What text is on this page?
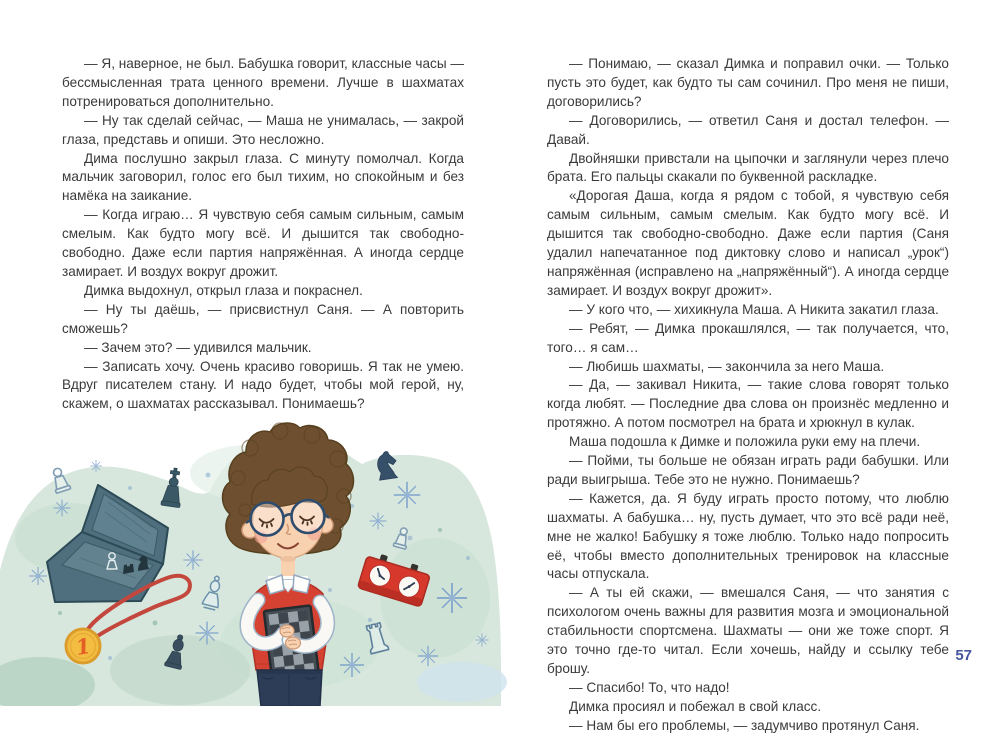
— Я, наверное, не был. Бабушка говорит, классные часы — бессмысленная трата ценного времени. Лучше в шахматах потренироваться дополнительно.

— Ну так сделай сейчас, — Маша не унималась, — закрой глаза, представь и опиши. Это несложно.

Дима послушно закрыл глаза. С минуту помолчал. Когда мальчик заговорил, голос его был тихим, но спокойным и без намёка на заикание.

— Когда играю… Я чувствую себя самым сильным, самым смелым. Как будто могу всё. И дышится так свободно-свободно. Даже если партия напряжённая. А иногда сердце замирает. И воздух вокруг дрожит.

Димка выдохнул, открыл глаза и покраснел.

— Ну ты даёшь, — присвистнул Саня. — А повторить сможешь?

— Зачем это? — удивился мальчик.

— Записать хочу. Очень красиво говоришь. Я так не умею. Вдруг писателем стану. И надо будет, чтобы мой герой, ну, скажем, о шахматах рассказывал. Понимаешь?

— Понимаю, — сказал Димка и поправил очки. — Только пусть это будет, как будто ты сам сочинил. Про меня не пиши, договорились?

— Договорились, — ответил Саня и достал телефон. — Давай.

Двойняшки привстали на цыпочки и заглянули через плечо брата. Его пальцы скакали по буквенной раскладке.

«Дорогая Даша, когда я рядом с тобой, я чувствую себя самым сильным, самым смелым. Как будто могу всё. И дышится так свободно-свободно. Даже если партия (Саня удалил напечатанное под диктовку слово и написал „урок“) напряжённая (исправлено на „напряжённый“). А иногда сердце замирает. И воздух вокруг дрожит».

— У кого что, — хихикнула Маша. А Никита закатил глаза.

— Ребят, — Димка прокашлялся, — так получается, что, того… я сам…

— Любишь шахматы, — закончила за него Маша.

— Да, — закивал Никита, — такие слова говорят только когда любят. — Последние два слова он произнёс медленно и протяжно. А потом посмотрел на брата и хрюкнул в кулак.

Маша подошла к Димке и положила руки ему на плечи.

— Пойми, ты больше не обязан играть ради бабушки. Или ради выигрыша. Тебе это не нужно. Понимаешь?

— Кажется, да. Я буду играть просто потому, что люблю шахматы. А бабушка… ну, пусть думает, что это всё ради неё, мне не жалко! Бабушку я тоже люблю. Только надо попросить её, чтобы вместо дополнительных тренировок на классные часы отпускала.

— А ты ей скажи, — вмешался Саня, — что занятия с психологом очень важны для развития мозга и эмоциональной стабильности спортсмена. Шахматы — они же тоже спорт. Я это точно где-то читал. Если хочешь, найду и ссылку тебе брошу.

— Спасибо! То, что надо!

Димка просиял и побежал в свой класс.

— Нам бы его проблемы, — задумчиво протянул Саня.

57
1
